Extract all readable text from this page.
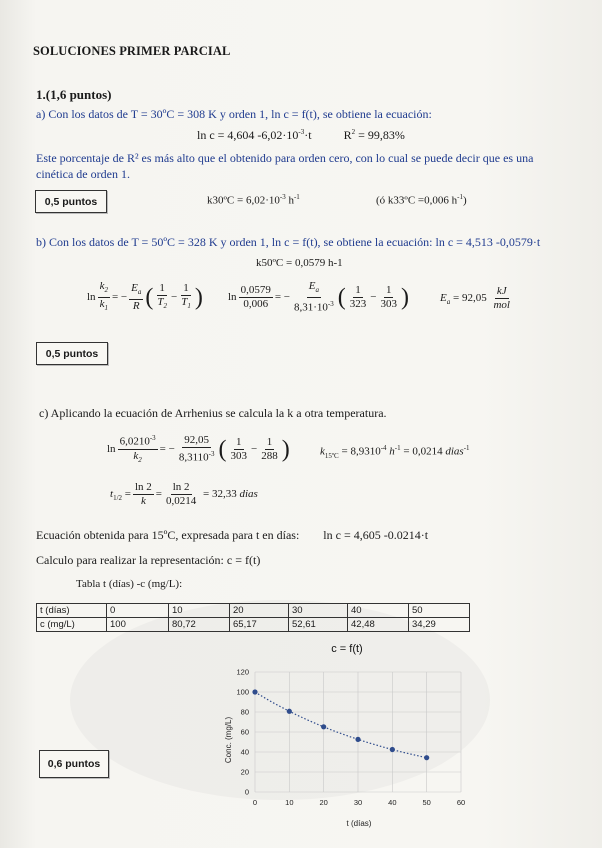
SOLUCIONES PRIMER PARCIAL
1.(1,6 puntos)
a) Con los datos de T = 30ºC = 308 K y orden 1, ln c = f(t), se obtiene la ecuación:
ln c = 4,604 $-6,02\cdot 10^{-3}\cdot t$	$R^2 = 99,83\%$
Este porcentaje de R² es más alto que el obtenido para orden cero, con lo cual se puede decir que es una
cinética de orden 1.
0,5 puntos	k30ºC = $6,02\cdot 10^{-3}$ $h^{-1}$	(ó k33ºC =0,006 $h^{-1}$)
b) Con los datos de T = 50ºC = 328 K y orden 1, ln c = f(t), se obtiene la ecuación: ln c = 4,513 -0,0579·t
k50ºC = 0,0579 h-1
$\ln \frac{k_2}{k_1}$ = − $\frac{E_a}{R}$ ( $\frac{1}{T_2} - \frac{1}{T_1}$ ) $\ln \frac{0,0579}{0,006}$ = − $\frac{E_a}{8,31\cdot 10^{-3}}$ ( $\frac{1}{323} - \frac{1}{303}$ )	$E_a = 92,05 \frac{kJ}{\text{mol}}$
0,5 puntos
c) Aplicando la ecuación de Arrhenius se calcula la k a otra temperatura.
$\ln \frac{6,0210^{-3}}{k_2}$ = − $\frac{92,05}{8,3110^{-3}}$ ( $\frac{1}{303} - \frac{1}{288}$ )	$k_{15ºC} = 8,9310^{-4}$ $h^{-1} = 0,0214$ dias$^{-1}$
$t_{1/2} = \frac{\ln 2}{k} = \frac{\ln 2}{0,0214} = 32,33$ dias
Ecuación obtenida para 15ºC, expresada para t en días: ln c = 4,605 -0.0214·t
Calculo para realizar la representación: c = f(t)
Tabla t (días) -c (mg/L):
t (días)	0	10	20	30	40	50
c (mg/L)	100	80,72	65,17	52,61	42,48	34,29
0,6 puntos
c = f(t)
0
20
40
60
80
100
120
0	10	20	30	40	50	60
Conc. (mg/L)
t (días)
